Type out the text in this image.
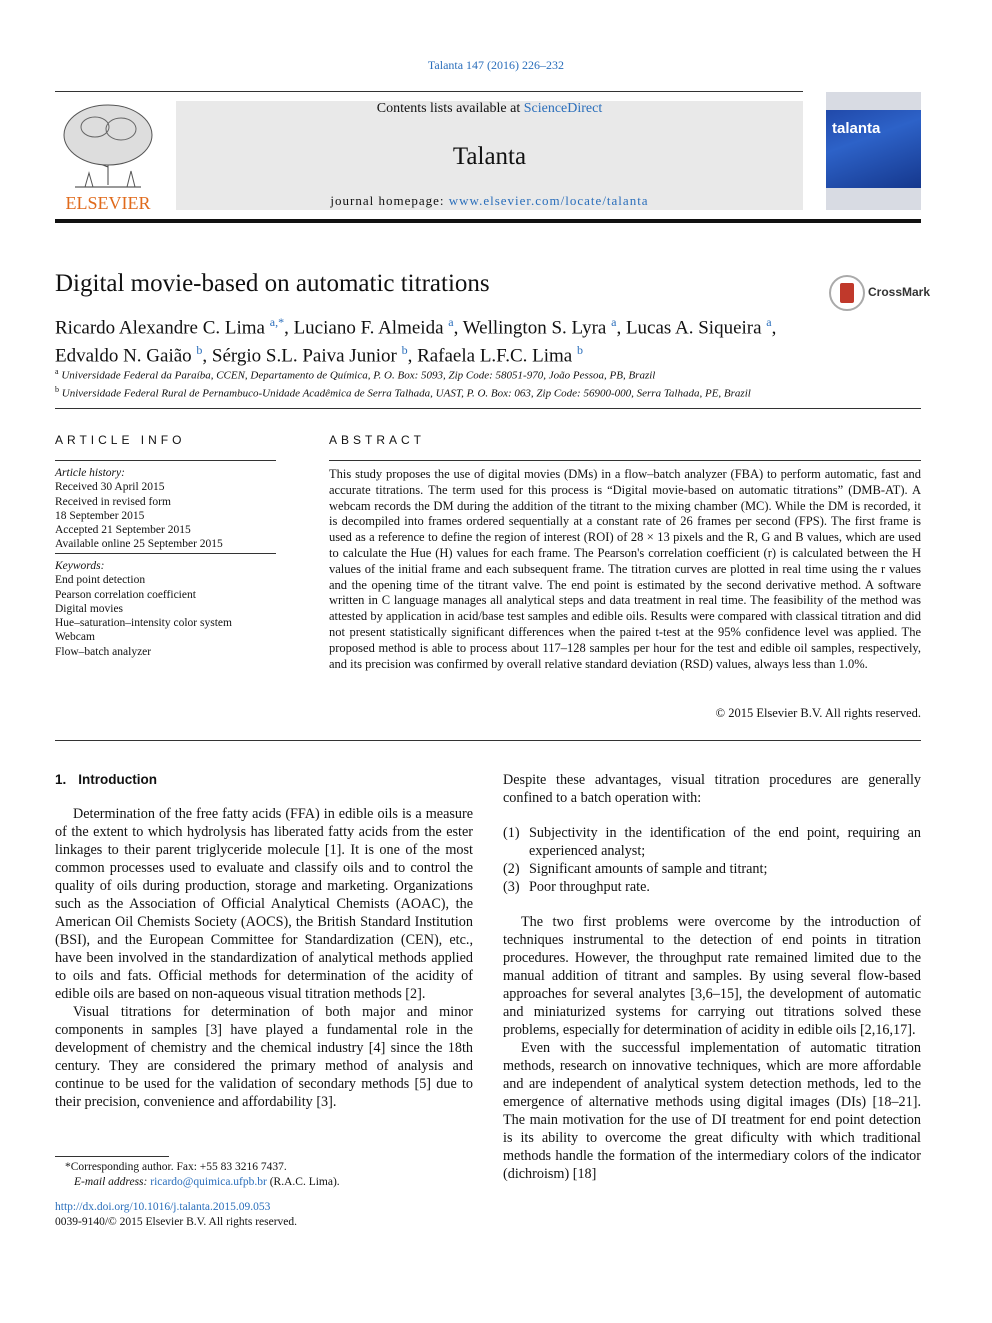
Talanta 147 (2016) 226–232
ELSEVIER
Contents lists available at ScienceDirect
Talanta
journal homepage: www.elsevier.com/locate/talanta
talanta
Digital movie-based on automatic titrations	CrossMark
Ricardo Alexandre C. Lima $^{a,*}$, Luciano F. Almeida $^a$, Wellington S. Lyra $^a$, Lucas A. Siqueira $^a$,
Edvaldo N. Gaião $^b$, Sérgio S.L. Paiva Junior $^b$, Rafaela L.F.C. Lima $^b$
$^a$ Universidade Federal da Paraíba, CCEN, Departamento de Química, P. O. Box: 5093, Zip Code: 58051-970, João Pessoa, PB, Brazil
$^b$ Universidade Federal Rural de Pernambuco-Unidade Acadêmica de Serra Talhada, UAST, P. O. Box: 063, Zip Code: 56900-000, Serra Talhada, PE, Brazil
ARTICLE INFO
Article history:
Received 30 April 2015
Received in revised form
18 September 2015
Accepted 21 September 2015
Available online 25 September 2015
Keywords:
End point detection
Pearson correlation coefficient
Digital movies
Hue–saturation–intensity color system
Webcam
Flow–batch analyzer
ABSTRACT
This study proposes the use of digital movies (DMs) in a flow–batch analyzer (FBA) to perform automatic, fast and accurate titrations. The term used for this process is “Digital movie-based on automatic titrations” (DMB-AT). A webcam records the DM during the addition of the titrant to the mixing chamber (MC). While the DM is recorded, it is decompiled into frames ordered sequentially at a constant rate of 26 frames per second (FPS). The first frame is used as a reference to define the region of interest (ROI) of 28 × 13 pixels and the R, G and B values, which are used to calculate the Hue (H) values for each frame. The Pearson's correlation coefficient (r) is calculated between the H values of the initial frame and each subsequent frame. The titration curves are plotted in real time using the r values and the opening time of the titrant valve. The end point is estimated by the second derivative method. A software written in C language manages all analytical steps and data treatment in real time. The feasibility of the method was attested by application in acid/base test samples and edible oils. Results were compared with classical titration and did not present statistically significant differences when the paired t-test at the 95% confidence level was applied. The proposed method is able to process about 117–128 samples per hour for the test and edible oil samples, respectively, and its precision was confirmed by overall relative standard deviation (RSD) values, always less than 1.0%.
© 2015 Elsevier B.V. All rights reserved.
1. Introduction

Determination of the free fatty acids (FFA) in edible oils is a measure of the extent to which hydrolysis has liberated fatty acids from the ester linkages to their parent triglyceride molecule [1]. It is one of the most common processes used to evaluate and classify oils and to control the quality of oils during production, storage and marketing. Organizations such as the Association of Official Analytical Chemists (AOAC), the American Oil Chemists Society (AOCS), the British Standard Institution (BSI), and the European Committee for Standardization (CEN), etc., have been involved in the standardization of analytical methods applied to oils and fats. Official methods for determination of the acidity of edible oils are based on non-aqueous visual titration methods [2].

Visual titrations for determination of both major and minor components in samples [3] have played a fundamental role in the development of chemistry and the chemical industry [4] since the 18th century. They are considered the primary method of analysis and continue to be used for the validation of secondary methods [5] due to their precision, convenience and affordability [3].

Despite these advantages, visual titration procedures are generally confined to a batch operation with:

(1) Subjectivity in the identification of the end point, requiring an experienced analyst;
(2) Significant amounts of sample and titrant;
(3) Poor throughput rate.

The two first problems were overcome by the introduction of techniques instrumental to the detection of end points in titration procedures. However, the throughput rate remained limited due to the manual addition of titrant and samples. By using several flow-based approaches for several analytes [3,6–15], the development of automatic and miniaturized systems for carrying out titrations solved these problems, especially for determination of acidity in edible oils [2,16,17].

Even with the successful implementation of automatic titration methods, research on innovative techniques, which are more affordable and are independent of analytical system detection methods, led to the emergence of alternative methods using digital images (DIs) [18–21]. The main motivation for the use of DI treatment for end point detection is its ability to overcome the great dificulty with which traditional methods handle the formation of the intermediary colors of the indicator (dichroism) [18]

*Corresponding author. Fax: +55 83 3216 7437.
E-mail address: ricardo@quimica.ufpb.br (R.A.C. Lima).
http://dx.doi.org/10.1016/j.talanta.2015.09.053
0039-9140/© 2015 Elsevier B.V. All rights reserved.
